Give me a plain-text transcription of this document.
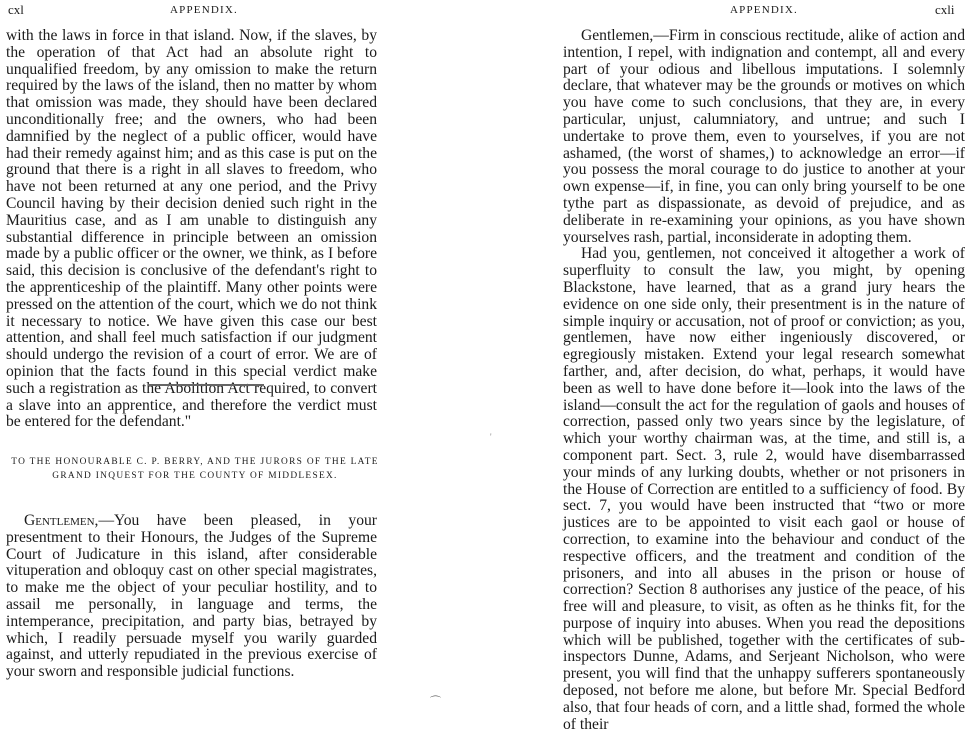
cxl	APPENDIX.

with the laws in force in that island. Now, if the slaves, by the operation of that Act had an absolute right to unqualified freedom, by any omission to make the return required by the laws of the island, then no matter by whom that omission was made, they should have been declared unconditionally free; and the owners, who had been damnified by the neglect of a public officer, would have had their remedy against him; and as this case is put on the ground that there is a right in all slaves to freedom, who have not been returned at any one period, and the Privy Council having by their decision denied such right in the Mauritius case, and as I am unable to distinguish any substantial difference in principle between an omission made by a public officer or the owner, we think, as I before said, this decision is conclusive of the defendant's right to the apprenticeship of the plaintiff. Many other points were pressed on the attention of the court, which we do not think it necessary to notice. We have given this case our best attention, and shall feel much satisfaction if our judgment should undergo the revision of a court of error. We are of opinion that the facts found in this special verdict make such a registration as the Abolition Act required, to convert a slave into an apprentice, and therefore the verdict must be entered for the defendant."

TO THE HONOURABLE C. P. BERRY, AND THE JURORS OF THE LATE GRAND INQUEST FOR THE COUNTY OF MIDDLESEX.

Gentlemen,—You have been pleased, in your presentment to their Honours, the Judges of the Supreme Court of Judicature in this island, after considerable vituperation and obloquy cast on other special magistrates, to make me the object of your peculiar hostility, and to assail me personally, in language and terms, the intemperance, precipitation, and party bias, betrayed by which, I readily persuade myself you warily guarded against, and utterly repudiated in the previous exercise of your sworn and responsible judicial functions.

APPENDIX.	cxli

Gentlemen,—Firm in conscious rectitude, alike of action and intention, I repel, with indignation and contempt, all and every part of your odious and libellous imputations. I solemnly declare, that whatever may be the grounds or motives on which you have come to such conclusions, that they are, in every particular, unjust, calumniatory, and untrue; and such I undertake to prove them, even to yourselves, if you are not ashamed, (the worst of shames,) to acknowledge an error—if you possess the moral courage to do justice to another at your own expense—if, in fine, you can only bring yourself to be one tythe part as dispassionate, as devoid of prejudice, and as deliberate in re-examining your opinions, as you have shown yourselves rash, partial, inconsiderate in adopting them.

Had you, gentlemen, not conceived it altogether a work of superfluity to consult the law, you might, by opening Blackstone, have learned, that as a grand jury hears the evidence on one side only, their presentment is in the nature of simple inquiry or accusation, not of proof or conviction; as you, gentlemen, have now either ingeniously discovered, or egregiously mistaken. Extend your legal research somewhat farther, and, after decision, do what, perhaps, it would have been as well to have done before it—look into the laws of the island—consult the act for the regulation of gaols and houses of correction, passed only two years since by the legislature, of which your worthy chairman was, at the time, and still is, a component part. Sect. 3, rule 2, would have disembarrassed your minds of any lurking doubts, whether or not prisoners in the House of Correction are entitled to a sufficiency of food. By sect. 7, you would have been instructed that “two or more justices are to be appointed to visit each gaol or house of correction, to examine into the behaviour and conduct of the respective officers, and the treatment and condition of the prisoners, and into all abuses in the prison or house of correction? Section 8 authorises any justice of the peace, of his free will and pleasure, to visit, as often as he thinks fit, for the purpose of inquiry into abuses. When you read the depositions which will be published, together with the certificates of sub-inspectors Dunne, Adams, and Serjeant Nicholson, who were present, you will find that the unhappy sufferers spontaneously deposed, not before me alone, but before Mr. Special Bedford also, that four heads of corn, and a little shad, formed the whole of their

'
⌒
